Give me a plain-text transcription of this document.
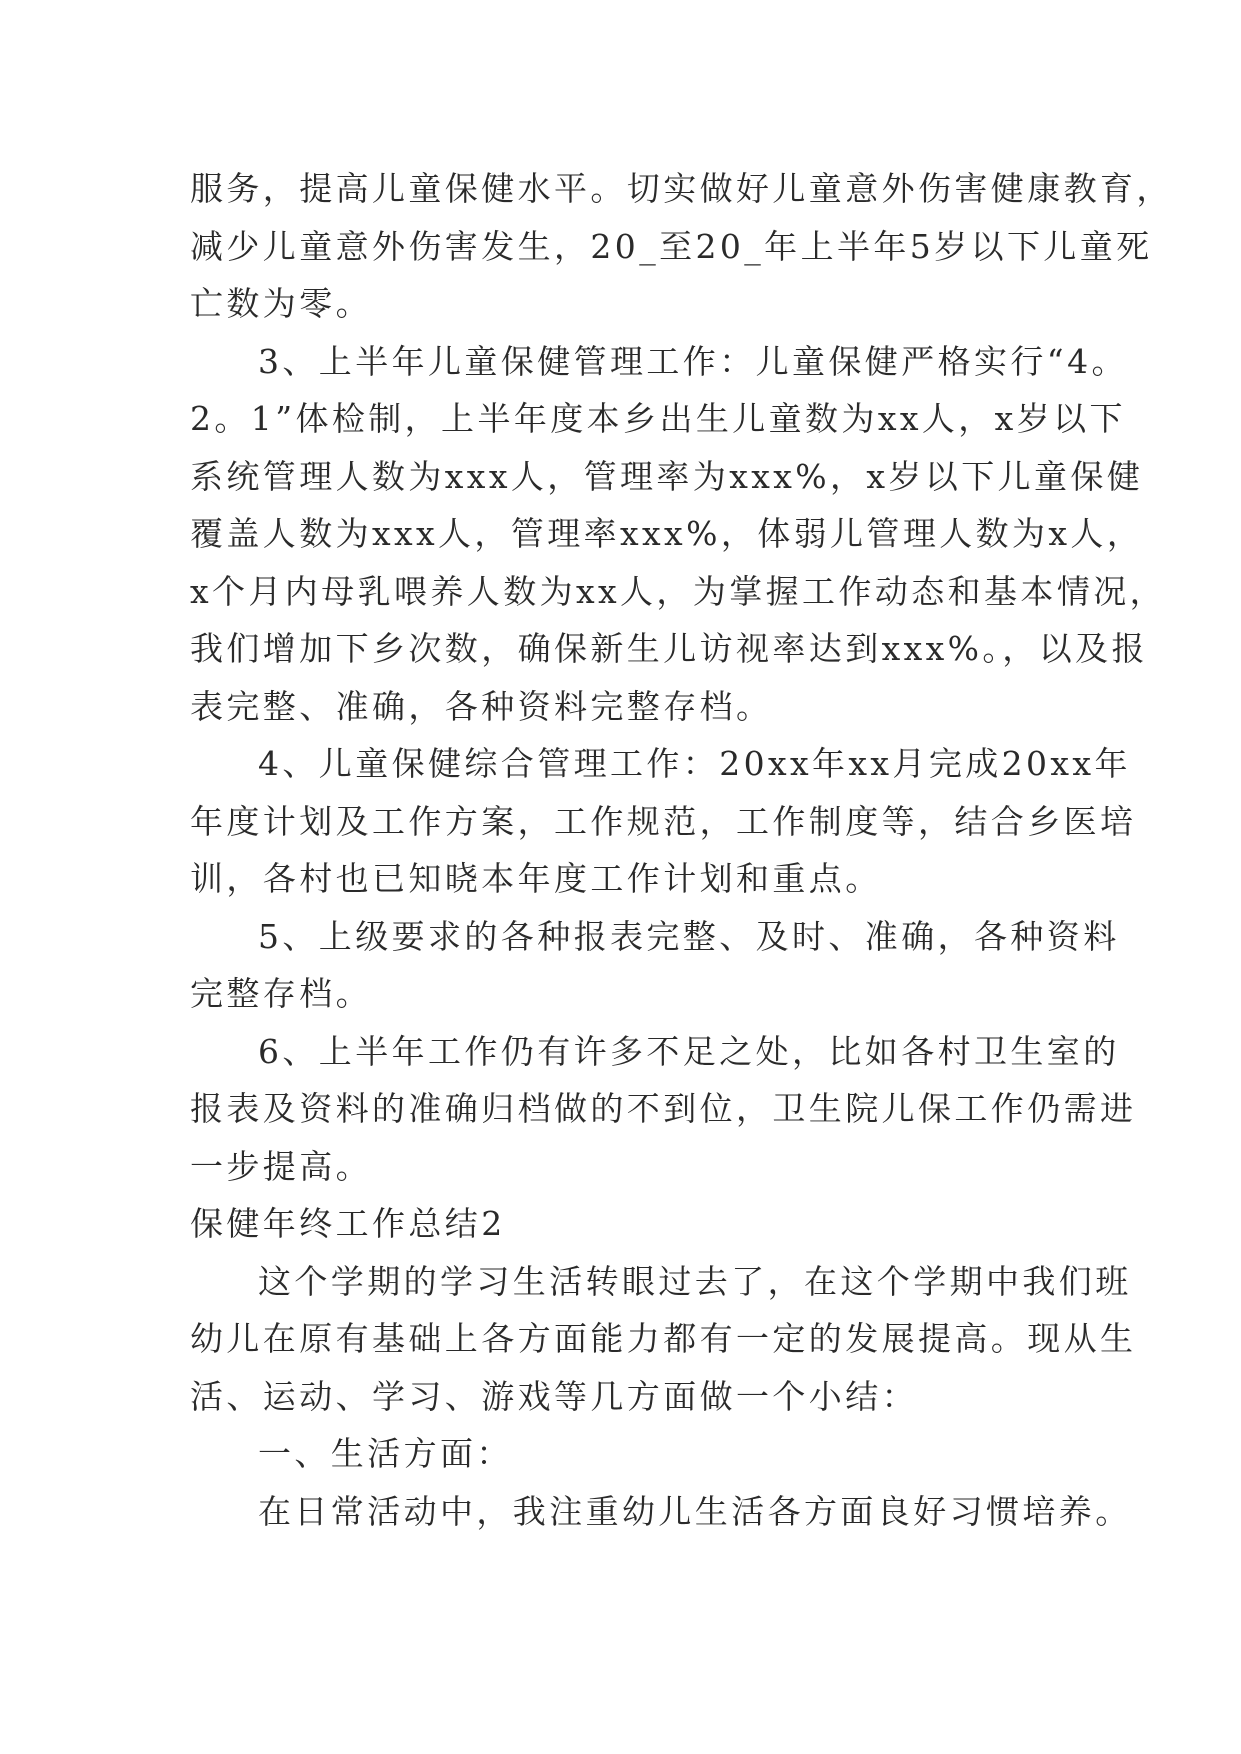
服务，提高儿童保健水平。切实做好儿童意外伤害健康教育，
减少儿童意外伤害发生，20_至20_年上半年5岁以下儿童死
亡数为零。
3、上半年儿童保健管理工作：儿童保健严格实行“4。
2。1”体检制，上半年度本乡出生儿童数为xx人，x岁以下
系统管理人数为xxx人，管理率为xxx%，x岁以下儿童保健
覆盖人数为xxx人，管理率xxx%，体弱儿管理人数为x人，
x个月内母乳喂养人数为xx人，为掌握工作动态和基本情况，
我们增加下乡次数，确保新生儿访视率达到xxx%。，以及报
表完整、准确，各种资料完整存档。
4、儿童保健综合管理工作：20xx年xx月完成20xx年
年度计划及工作方案，工作规范，工作制度等，结合乡医培
训，各村也已知晓本年度工作计划和重点。
5、上级要求的各种报表完整、及时、准确，各种资料
完整存档。
6、上半年工作仍有许多不足之处，比如各村卫生室的
报表及资料的准确归档做的不到位，卫生院儿保工作仍需进
一步提高。
保健年终工作总结2
这个学期的学习生活转眼过去了，在这个学期中我们班
幼儿在原有基础上各方面能力都有一定的发展提高。现从生
活、运动、学习、游戏等几方面做一个小结：
一、生活方面：
在日常活动中，我注重幼儿生活各方面良好习惯培养。
